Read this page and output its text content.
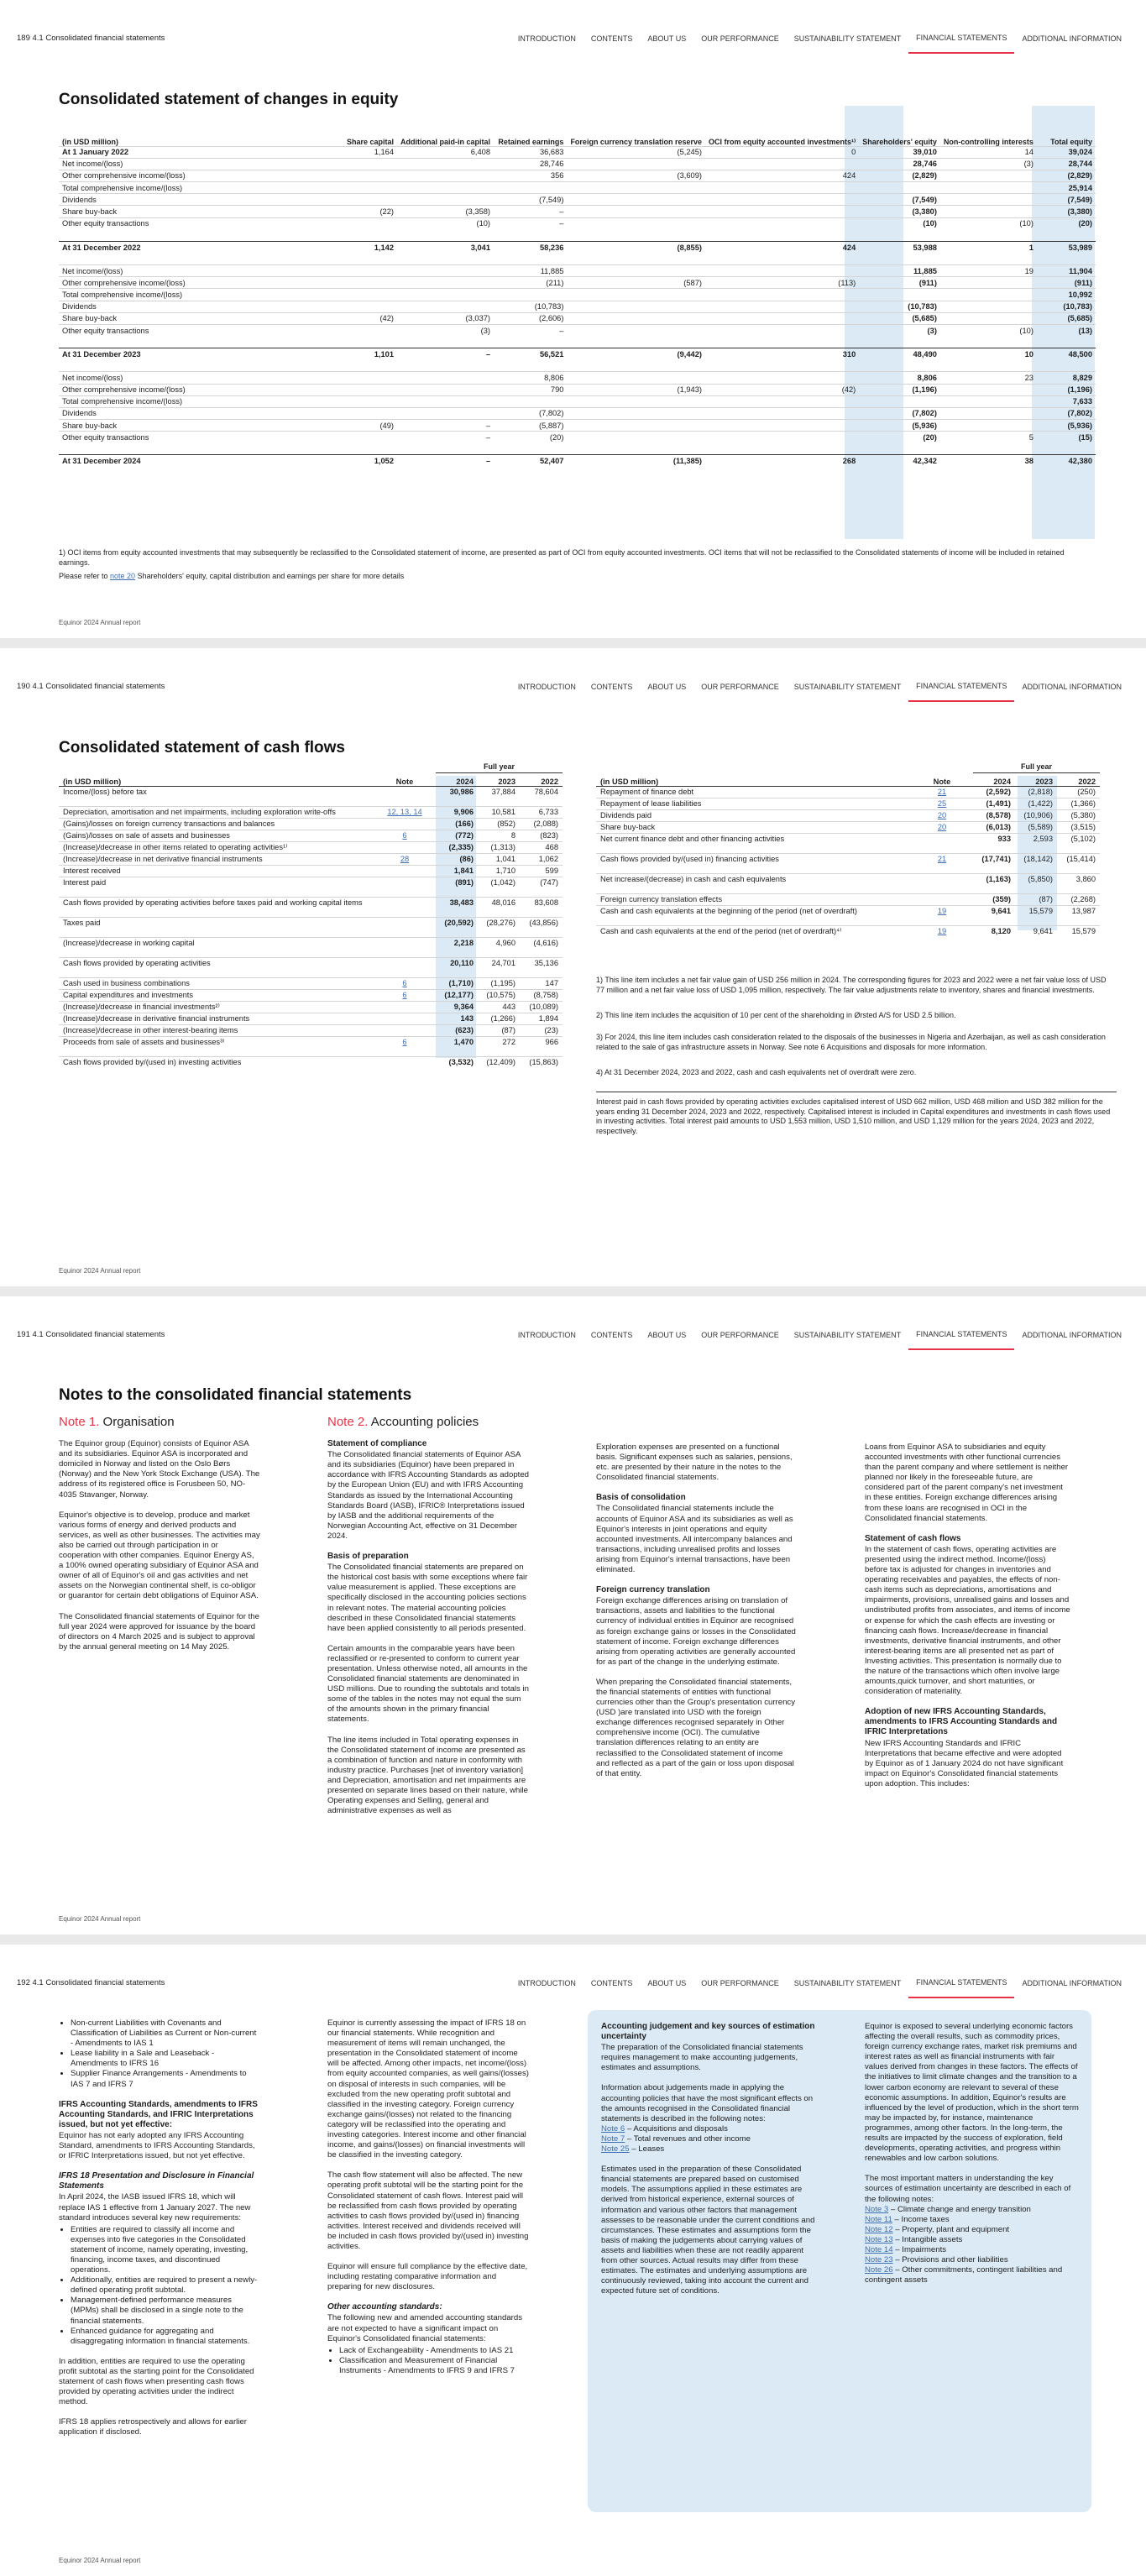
189 4.1 Consolidated financial statements	INTRODUCTION	CONTENTS	ABOUT US	OUR PERFORMANCE	SUSTAINABILITY STATEMENT	FINANCIAL STATEMENTS	ADDITIONAL INFORMATION
Consolidated statement of changes in equity
(in USD million)	Share capital	Additional paid-in capital	Retained earnings	Foreign currency translation reserve	OCI from equity accounted investments¹⁾	Shareholders' equity	Non-controlling interests	Total equity
At 1 January 2022	1,164	6,408	36,683	(5,245)	0	39,010	14	39,024
Net income/(loss)			28,746			28,746	(3)	28,744
Other comprehensive income/(loss)			356	(3,609)	424	(2,829)		(2,829)
Total comprehensive income/(loss)								25,914
Dividends			(7,549)			(7,549)		(7,549)
Share buy-back	(22)	(3,358)	–			(3,380)		(3,380)
Other equity transactions		(10)	–			(10)	(10)	(20)

At 31 December 2022	1,142	3,041	58,236	(8,855)	424	53,988	1	53,989

Net income/(loss)			11,885			11,885	19	11,904
Other comprehensive income/(loss)			(211)	(587)	(113)	(911)		(911)
Total comprehensive income/(loss)								10,992
Dividends			(10,783)			(10,783)		(10,783)
Share buy-back	(42)	(3,037)	(2,606)			(5,685)		(5,685)
Other equity transactions		(3)	–			(3)	(10)	(13)

At 31 December 2023	1,101	–	56,521	(9,442)	310	48,490	10	48,500

Net income/(loss)			8,806			8,806	23	8,829
Other comprehensive income/(loss)			790	(1,943)	(42)	(1,196)		(1,196)
Total comprehensive income/(loss)								7,633
Dividends			(7,802)			(7,802)		(7,802)
Share buy-back	(49)	–	(5,887)			(5,936)		(5,936)
Other equity transactions		–	(20)			(20)	5	(15)

At 31 December 2024	1,052	–	52,407	(11,385)	268	42,342	38	42,380
1) OCI items from equity accounted investments that may subsequently be reclassified to the Consolidated statement of income, are presented as part of OCI from equity accounted investments. OCI items that will not be reclassified to the Consolidated statements of income will be included in retained earnings.
Please refer to note 20 Shareholders' equity, capital distribution and earnings per share for more details
Equinor 2024 Annual report
190 4.1 Consolidated financial statements	INTRODUCTION	CONTENTS	ABOUT US	OUR PERFORMANCE	SUSTAINABILITY STATEMENT	FINANCIAL STATEMENTS	ADDITIONAL INFORMATION
Consolidated statement of cash flows
		Full year		
(in USD million)	Note	2024	2023	2022
Income/(loss) before tax		30,986	37,884	78,604

Depreciation, amortisation and net impairments, including exploration write-offs	12, 13, 14	9,906	10,581	6,733
(Gains)/losses on foreign currency transactions and balances		(166)	(852)	(2,088)
(Gains)/losses on sale of assets and businesses	6	(772)	8	(823)
(Increase)/decrease in other items related to operating activities¹⁾		(2,335)	(1,313)	468
(Increase)/decrease in net derivative financial instruments	28	(86)	1,041	1,062
Interest received		1,841	1,710	599
Interest paid		(891)	(1,042)	(747)

Cash flows provided by operating activities before taxes paid and working capital items		38,483	48,016	83,608

Taxes paid		(20,592)	(28,276)	(43,856)

(Increase)/decrease in working capital		2,218	4,960	(4,616)

Cash flows provided by operating activities		20,110	24,701	35,136

Cash used in business combinations	6	(1,710)	(1,195)	147
Capital expenditures and investments	6	(12,177)	(10,575)	(8,758)
(Increase)/decrease in financial investments²⁾		9,364	443	(10,089)
(Increase)/decrease in derivative financial instruments		143	(1,266)	1,894
(Increase)/decrease in other interest-bearing items		(623)	(87)	(23)
Proceeds from sale of assets and businesses³⁾	6	1,470	272	966

Cash flows provided by/(used in) investing activities		(3,532)	(12,409)	(15,863)
		Full year		
(in USD million)	Note	2024	2023	2022
Repayment of finance debt	21	(2,592)	(2,818)	(250)
Repayment of lease liabilities	25	(1,491)	(1,422)	(1,366)
Dividends paid	20	(8,578)	(10,906)	(5,380)
Share buy-back	20	(6,013)	(5,589)	(3,515)
Net current finance debt and other financing activities		933	2,593	(5,102)

Cash flows provided by/(used in) financing activities	21	(17,741)	(18,142)	(15,414)

Net increase/(decrease) in cash and cash equivalents		(1,163)	(5,850)	3,860

Foreign currency translation effects		(359)	(87)	(2,268)
Cash and cash equivalents at the beginning of the period (net of overdraft)	19	9,641	15,579	13,987

Cash and cash equivalents at the end of the period (net of overdraft)⁴⁾	19	8,120	9,641	15,579
1) This line item includes a net fair value gain of USD 256 million in 2024. The corresponding figures for 2023 and 2022 were a net fair value loss of USD 77 million and a net fair value loss of USD 1,095 million, respectively. The fair value adjustments relate to inventory, shares and financial investments.
2) This line item includes the acquisition of 10 per cent of the shareholding in Ørsted A/S for USD 2.5 billion.
3) For 2024, this line item includes cash consideration related to the disposals of the businesses in Nigeria and Azerbaijan, as well as cash consideration related to the sale of gas infrastructure assets in Norway. See note 6 Acquisitions and disposals for more information.
4) At 31 December 2024, 2023 and 2022, cash and cash equivalents net of overdraft were zero.
Interest paid in cash flows provided by operating activities excludes capitalised interest of USD 662 million, USD 468 million and USD 382 million for the years ending 31 December 2024, 2023 and 2022, respectively. Capitalised interest is included in Capital expenditures and investments in cash flows used in investing activities. Total interest paid amounts to USD 1,553 million, USD 1,510 million, and USD 1,129 million for the years 2024, 2023 and 2022, respectively.
Equinor 2024 Annual report
191 4.1 Consolidated financial statements	INTRODUCTION	CONTENTS	ABOUT US	OUR PERFORMANCE	SUSTAINABILITY STATEMENT	FINANCIAL STATEMENTS	ADDITIONAL INFORMATION
Notes to the consolidated financial statements
Note 1. Organisation

The Equinor group (Equinor) consists of Equinor ASA and its subsidiaries. Equinor ASA is incorporated and domiciled in Norway and listed on the Oslo Børs (Norway) and the New York Stock Exchange (USA). The address of its registered office is Forusbeen 50, NO-4035 Stavanger, Norway.

Equinor's objective is to develop, produce and market various forms of energy and derived products and services, as well as other businesses. The activities may also be carried out through participation in or cooperation with other companies. Equinor Energy AS, a 100% owned operating subsidiary of Equinor ASA and owner of all of Equinor's oil and gas activities and net assets on the Norwegian continental shelf, is co-obligor or guarantor for certain debt obligations of Equinor ASA.

The Consolidated financial statements of Equinor for the full year 2024 were approved for issuance by the board of directors on 4 March 2025 and is subject to approval by the annual general meeting on 14 May 2025.

Note 2. Accounting policies
Statement of compliance

The Consolidated financial statements of Equinor ASA and its subsidiaries (Equinor) have been prepared in accordance with IFRS Accounting Standards as adopted by the European Union (EU) and with IFRS Accounting Standards as issued by the International Accounting Standards Board (IASB), IFRIC® Interpretations issued by IASB and the additional requirements of the Norwegian Accounting Act, effective on 31 December 2024.

Basis of preparation

The Consolidated financial statements are prepared on the historical cost basis with some exceptions where fair value measurement is applied. These exceptions are specifically disclosed in the accounting policies sections in relevant notes. The material accounting policies described in these Consolidated financial statements have been applied consistently to all periods presented.

Certain amounts in the comparable years have been reclassified or re-presented to conform to current year presentation. Unless otherwise noted, all amounts in the Consolidated financial statements are denominated in USD millions. Due to rounding the subtotals and totals in some of the tables in the notes may not equal the sum of the amounts shown in the primary financial statements.

The line items included in Total operating expenses in the Consolidated statement of income are presented as a combination of function and nature in conformity with industry practice. Purchases [net of inventory variation] and Depreciation, amortisation and net impairments are presented on separate lines based on their nature, while Operating expenses and Selling, general and administrative expenses as well as

Exploration expenses are presented on a functional basis. Significant expenses such as salaries, pensions, etc. are presented by their nature in the notes to the Consolidated financial statements.

Basis of consolidation

The Consolidated financial statements include the accounts of Equinor ASA and its subsidiaries as well as Equinor's interests in joint operations and equity accounted investments. All intercompany balances and transactions, including unrealised profits and losses arising from Equinor's internal transactions, have been eliminated.

Foreign currency translation

Foreign exchange differences arising on translation of transactions, assets and liabilities to the functional currency of individual entities in Equinor are recognised as foreign exchange gains or losses in the Consolidated statement of income. Foreign exchange differences arising from operating activities are generally accounted for as part of the change in the underlying estimate.

When preparing the Consolidated financial statements, the financial statements of entities with functional currencies other than the Group's presentation currency (USD )are translated into USD with the foreign exchange differences recognised separately in Other comprehensive income (OCI). The cumulative translation differences relating to an entity are reclassified to the Consolidated statement of income and reflected as a part of the gain or loss upon disposal of that entity.

Loans from Equinor ASA to subsidiaries and equity accounted investments with other functional currencies than the parent company and where settlement is neither planned nor likely in the foreseeable future, are considered part of the parent company's net investment in these entities. Foreign exchange differences arising from these loans are recognised in OCI in the Consolidated financial statements.

Statement of cash flows

In the statement of cash flows, operating activities are presented using the indirect method. Income/(loss) before tax is adjusted for changes in inventories and operating receivables and payables, the effects of non-cash items such as depreciations, amortisations and impairments, provisions, unrealised gains and losses and undistributed profits from associates, and items of income or expense for which the cash effects are investing or financing cash flows. Increase/decrease in financial investments, derivative financial instruments, and other interest-bearing items are all presented net as part of Investing activities. This presentation is normally due to the nature of the transactions which often involve large amounts,quick turnover, and short maturities, or consideration of materiality.

Adoption of new IFRS Accounting Standards, amendments to IFRS Accounting Standards and IFRIC Interpretations

New IFRS Accounting Standards and IFRIC Interpretations that became effective and were adopted by Equinor as of 1 January 2024 do not have significant impact on Equinor's Consolidated financial statements upon adoption. This includes:

Equinor 2024 Annual report
192 4.1 Consolidated financial statements	INTRODUCTION	CONTENTS	ABOUT US	OUR PERFORMANCE	SUSTAINABILITY STATEMENT	FINANCIAL STATEMENTS	ADDITIONAL INFORMATION
• Non-current Liabilities with Covenants and Classification of Liabilities as Current or Non-current - Amendments to IAS 1
• Lease liability in a Sale and Leaseback - Amendments to IFRS 16
• Supplier Finance Arrangements - Amendments to IAS 7 and IFRS 7
IFRS Accounting Standards, amendments to IFRS Accounting Standards, and IFRIC Interpretations issued, but not yet effective:

Equinor has not early adopted any IFRS Accounting Standard, amendments to IFRS Accounting Standards, or IFRIC Interpretations issued, but not yet effective.

IFRS 18 Presentation and Disclosure in Financial Statements

In April 2024, the IASB issued IFRS 18, which will replace IAS 1 effective from 1 January 2027. The new standard introduces several key new requirements:

• Entities are required to classify all income and expenses into five categories in the Consolidated statement of income, namely operating, investing, financing, income taxes, and discontinued operations.
• Additionally, entities are required to present a newly-defined operating profit subtotal.
• Management-defined performance measures (MPMs) shall be disclosed in a single note to the financial statements.
• Enhanced guidance for aggregating and disaggregating information in financial statements.

In addition, entities are required to use the operating profit subtotal as the starting point for the Consolidated statement of cash flows when presenting cash flows provided by operating activities under the indirect method.

IFRS 18 applies retrospectively and allows for earlier application if disclosed.

Equinor is currently assessing the impact of IFRS 18 on our financial statements. While recognition and measurement of items will remain unchanged, the presentation in the Consolidated statement of income will be affected. Among other impacts, net income/(loss) from equity accounted companies, as well gains/(losses) on disposal of interests in such companies, will be excluded from the new operating profit subtotal and classified in the investing category. Foreign currency exchange gains/(losses) not related to the financing category will be reclassified into the operating and investing categories. Interest income and other financial income, and gains/(losses) on financial investments will be classified in the investing category.

The cash flow statement will also be affected. The new operating profit subtotal will be the starting point for the Consolidated statement of cash flows. Interest paid will be reclassified from cash flows provided by operating activities to cash flows provided by/(used in) financing activities. Interest received and dividends received will be included in cash flows provided by/(used in) investing activities.

Equinor will ensure full compliance by the effective date, including restating comparative information and preparing for new disclosures.

Other accounting standards:

The following new and amended accounting standards are not expected to have a significant impact on Equinor's Consolidated financial statements:

• Lack of Exchangeability - Amendments to IAS 21
• Classification and Measurement of Financial Instruments - Amendments to IFRS 9 and IFRS 7
Accounting judgement and key sources of estimation uncertainty

The preparation of the Consolidated financial statements requires management to make accounting judgements, estimates and assumptions.

Information about judgements made in applying the accounting policies that have the most significant effects on the amounts recognised in the Consolidated financial statements is described in the following notes:

Note 6 – Acquisitions and disposals
Note 7 – Total revenues and other income
Note 25 – Leases

Estimates used in the preparation of these Consolidated financial statements are prepared based on customised models. The assumptions applied in these estimates are derived from historical experience, external sources of information and various other factors that management assesses to be reasonable under the current conditions and circumstances. These estimates and assumptions form the basis of making the judgements about carrying values of assets and liabilities when these are not readily apparent from other sources. Actual results may differ from these estimates. The estimates and underlying assumptions are continuously reviewed, taking into account the current and expected future set of conditions.

Equinor is exposed to several underlying economic factors affecting the overall results, such as commodity prices, foreign currency exchange rates, market risk premiums and interest rates as well as financial instruments with fair values derived from changes in these factors. The effects of the initiatives to limit climate changes and the transition to a lower carbon economy are relevant to several of these economic assumptions. In addition, Equinor's results are influenced by the level of production, which in the short term may be impacted by, for instance, maintenance programmes, among other factors. In the long-term, the results are impacted by the success of exploration, field developments, operating activities, and progress within renewables and low carbon solutions.

The most important matters in understanding the key sources of estimation uncertainty are described in each of the following notes:

Note 3 – Climate change and energy transition
Note 11 – Income taxes
Note 12 – Property, plant and equipment
Note 13 – Intangible assets
Note 14 – Impairments
Note 23 – Provisions and other liabilities
Note 26 – Other commitments, contingent liabilities and contingent assets
Equinor 2024 Annual report
